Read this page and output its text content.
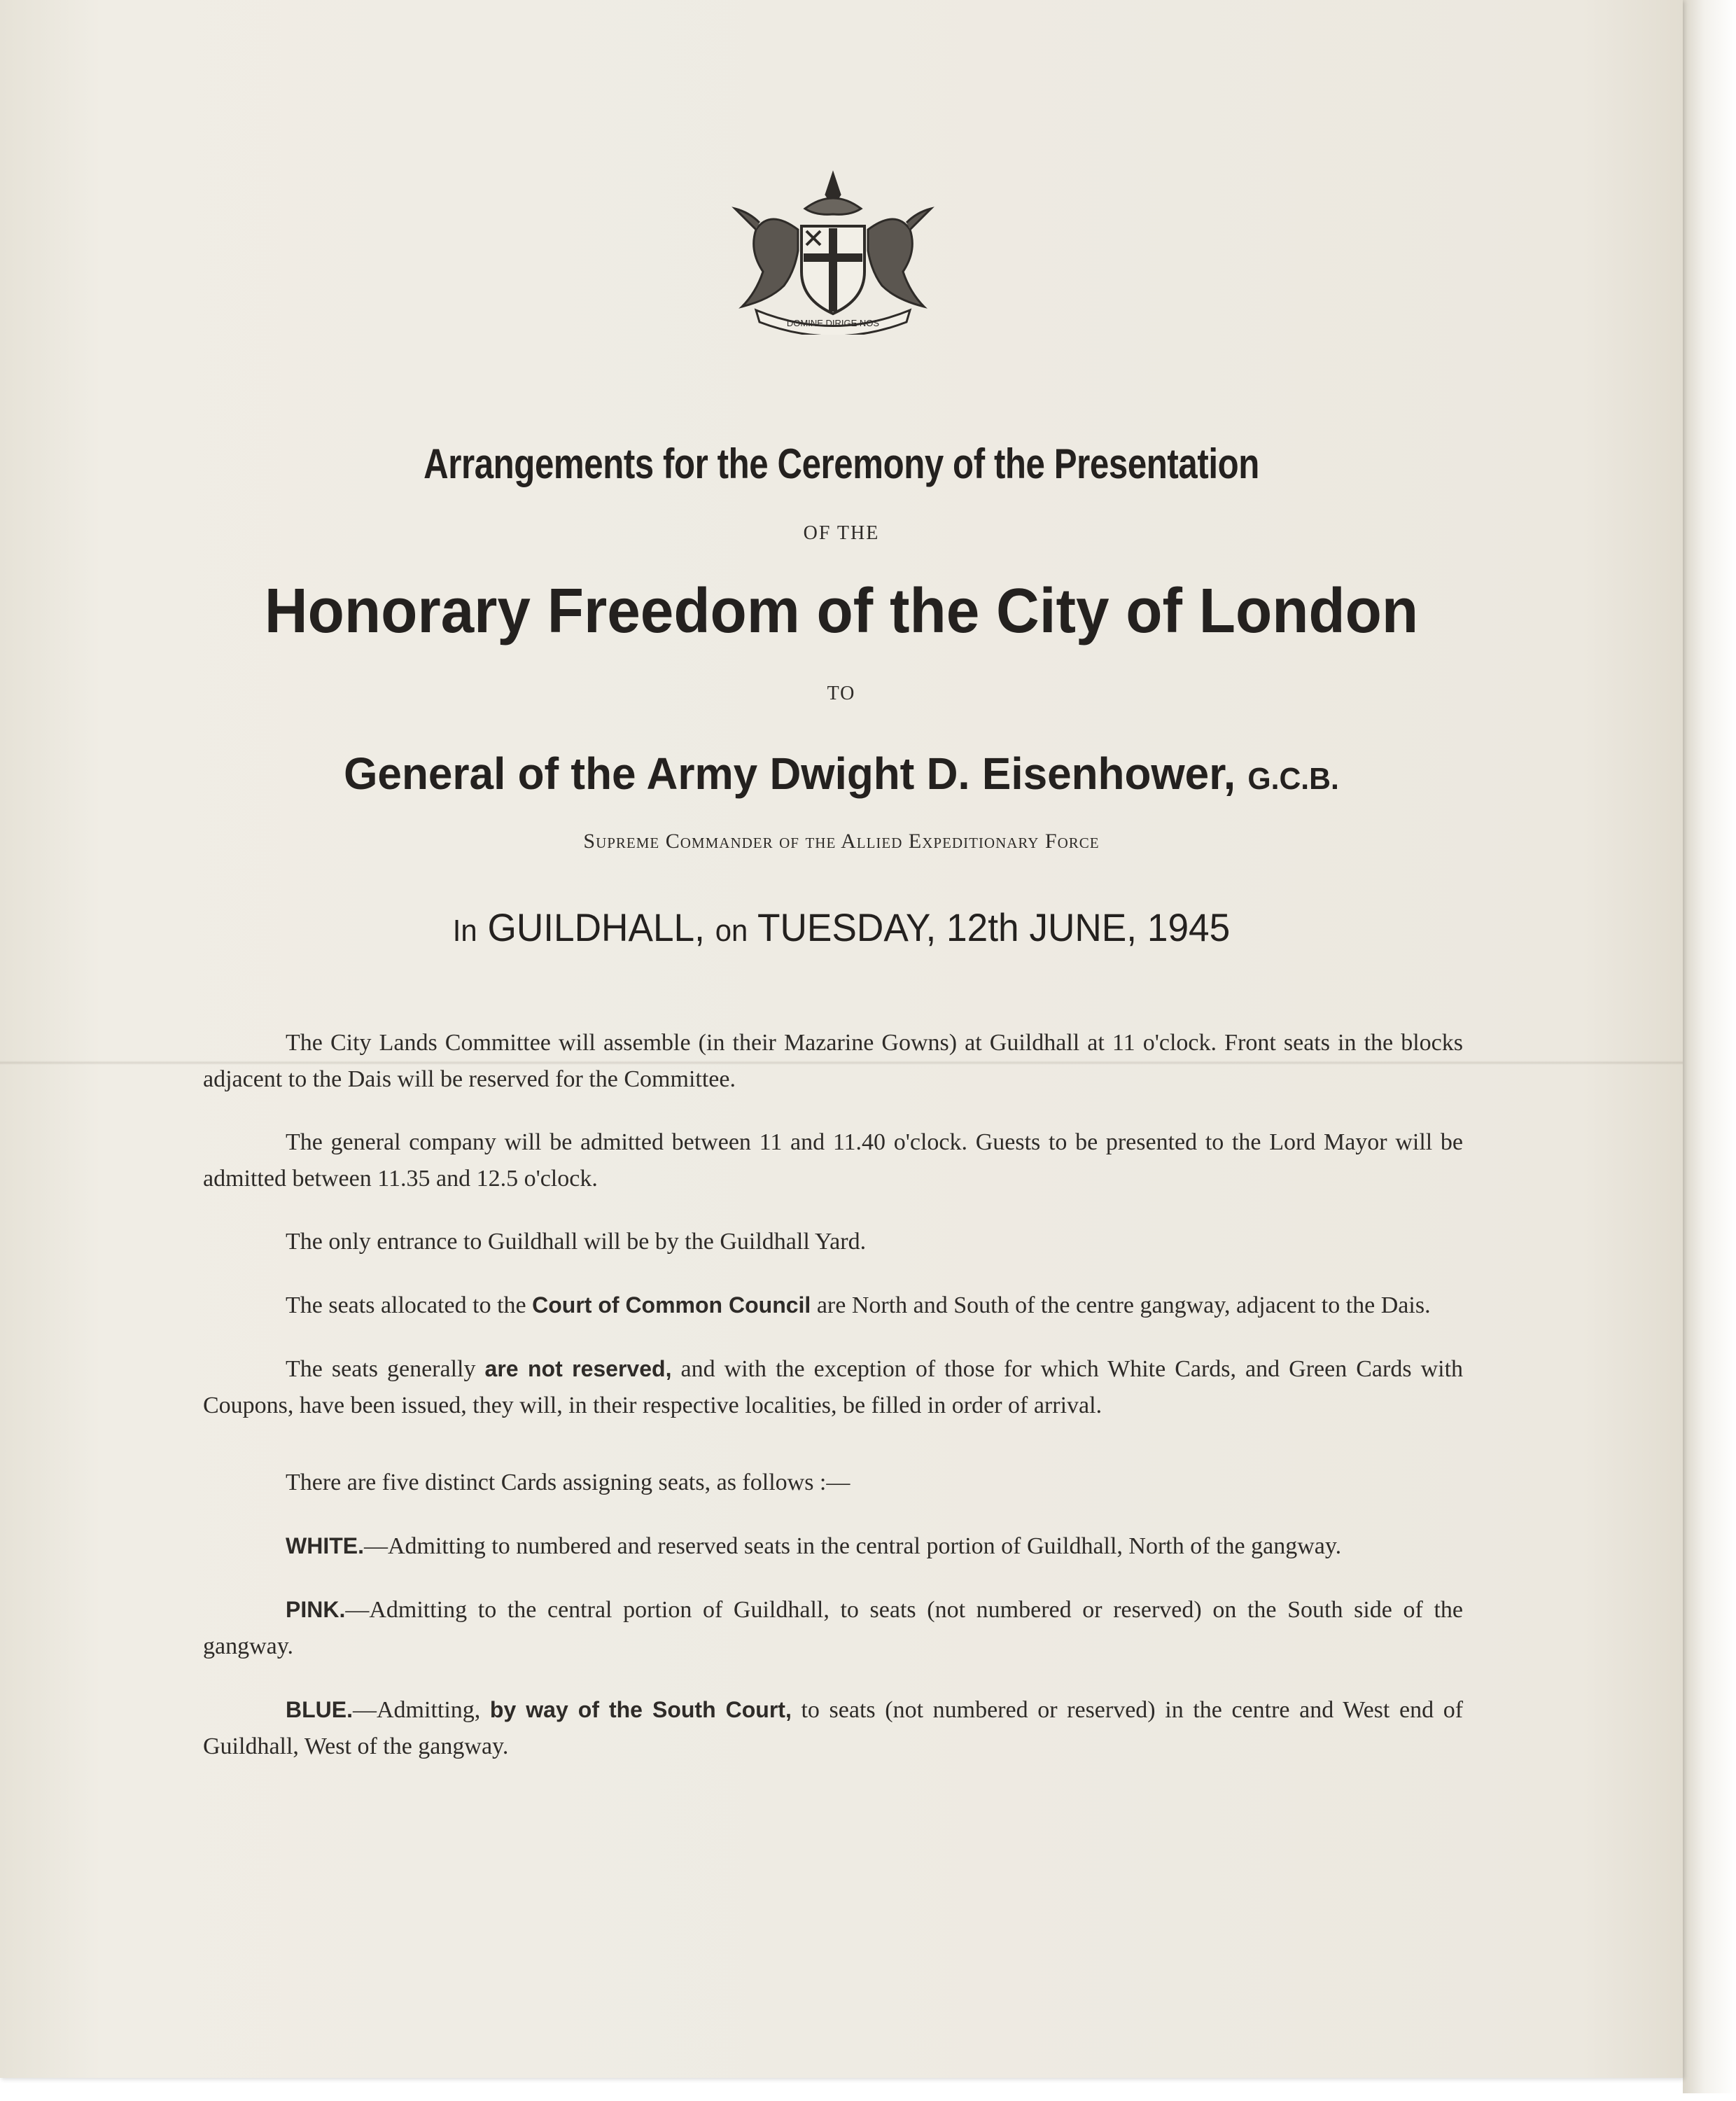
DOMINE DIRIGE NOS
Arrangements for the Ceremony of the Presentation
OF THE
Honorary Freedom of the City of London
TO
General of the Army Dwight D. Eisenhower, G.C.B.
Supreme Commander of the Allied Expeditionary Force
In GUILDHALL, on TUESDAY, 12th JUNE, 1945

The City Lands Committee will assemble (in their Mazarine Gowns) at Guildhall at 11 o'clock. Front seats in the blocks adjacent to the Dais will be reserved for the Committee.

The general company will be admitted between 11 and 11.40 o'clock. Guests to be presented to the Lord Mayor will be admitted between 11.35 and 12.5 o'clock.

The only entrance to Guildhall will be by the Guildhall Yard.

The seats allocated to the Court of Common Council are North and South of the centre gangway, adjacent to the Dais.

The seats generally are not reserved, and with the exception of those for which White Cards, and Green Cards with Coupons, have been issued, they will, in their respective localities, be filled in order of arrival.

There are five distinct Cards assigning seats, as follows :—

WHITE.—Admitting to numbered and reserved seats in the central portion of Guildhall, North of the gangway.

PINK.—Admitting to the central portion of Guildhall, to seats (not numbered or reserved) on the South side of the gangway.

BLUE.—Admitting, by way of the South Court, to seats (not numbered or reserved) in the centre and West end of Guildhall, West of the gangway.
